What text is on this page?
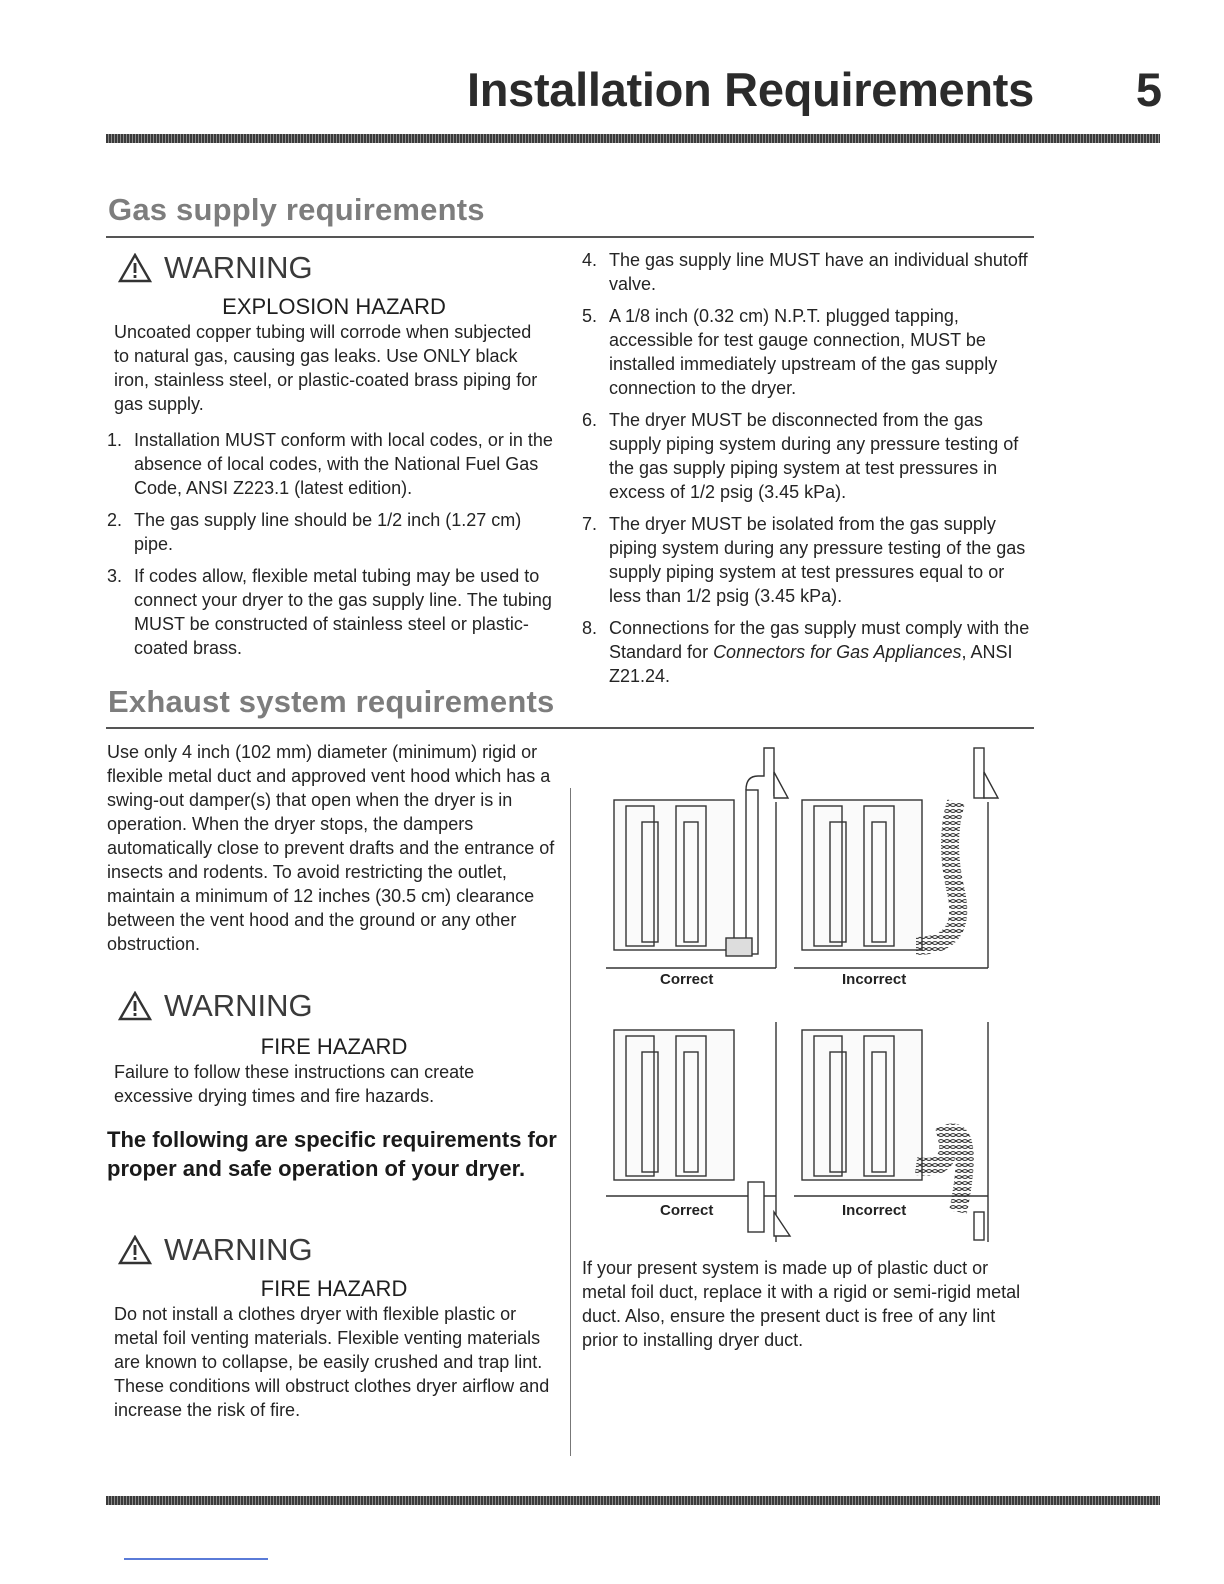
Installation Requirements 5
Gas supply requirements
WARNING
EXPLOSION HAZARD
Uncoated copper tubing will corrode when subjected to natural gas, causing gas leaks. Use ONLY black iron, stainless steel, or plastic-coated brass piping for gas supply.
1. Installation MUST conform with local codes, or in the absence of local codes, with the National Fuel Gas Code, ANSI Z223.1 (latest edition).
2. The gas supply line should be 1/2 inch (1.27 cm) pipe.
3. If codes allow, flexible metal tubing may be used to connect your dryer to the gas supply line. The tubing MUST be constructed of stainless steel or plastic-coated brass.
4. The gas supply line MUST have an individual shutoff valve.
5. A 1/8 inch (0.32 cm) N.P.T. plugged tapping, accessible for test gauge connection, MUST be installed immediately upstream of the gas supply connection to the dryer.
6. The dryer MUST be disconnected from the gas supply piping system during any pressure testing of the gas supply piping system at test pressures in excess of 1/2 psig (3.45 kPa).
7. The dryer MUST be isolated from the gas supply piping system during any pressure testing of the gas supply piping system at test pressures equal to or less than 1/2 psig (3.45 kPa).
8. Connections for the gas supply must comply with the Standard for Connectors for Gas Appliances, ANSI Z21.24.
Exhaust system requirements
Use only 4 inch (102 mm) diameter (minimum) rigid or flexible metal duct and approved vent hood which has a swing-out damper(s) that open when the dryer is in operation. When the dryer stops, the dampers automatically close to prevent drafts and the entrance of insects and rodents. To avoid restricting the outlet, maintain a minimum of 12 inches (30.5 cm) clearance between the vent hood and the ground or any other obstruction.
WARNING
FIRE HAZARD
Failure to follow these instructions can create excessive drying times and fire hazards.
The following are specific requirements for proper and safe operation of your dryer.
WARNING
FIRE HAZARD
Do not install a clothes dryer with flexible plastic or metal foil venting materials. Flexible venting materials are known to collapse, be easily crushed and trap lint. These conditions will obstruct clothes dryer airflow and increase the risk of fire.
Correct	Incorrect
Correct	Incorrect
If your present system is made up of plastic duct or metal foil duct, replace it with a rigid or semi-rigid metal duct. Also, ensure the present duct is free of any lint prior to installing dryer duct.
